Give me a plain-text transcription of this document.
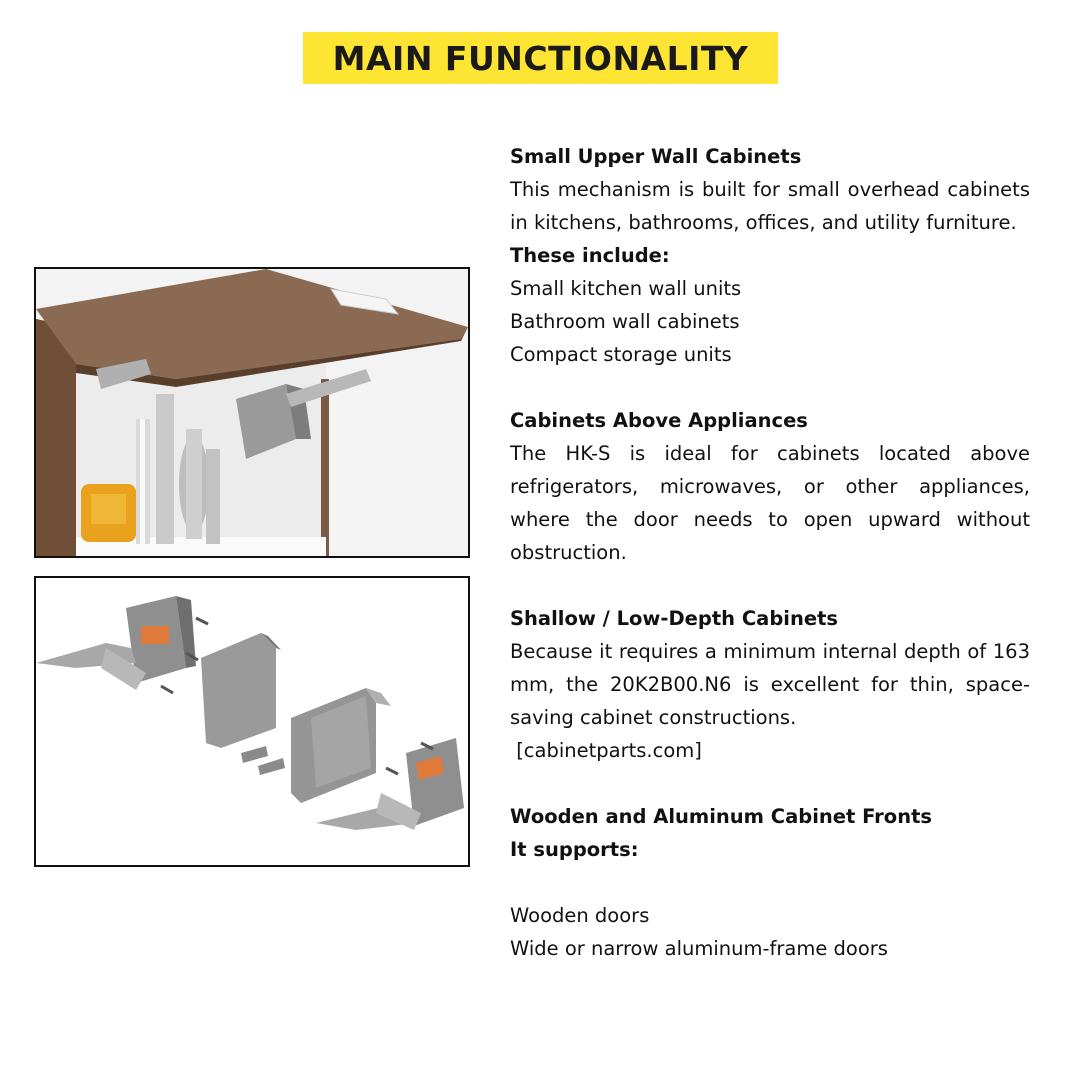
MAIN FUNCTIONALITY

Small Upper Wall Cabinets

This mechanism is built for small overhead cabinets in kitchens, bathrooms, offices, and utility furniture.

These include:

Small kitchen wall units

Bathroom wall cabinets

Compact storage units

Cabinets Above Appliances

The HK-S is ideal for cabinets located above refrigerators, microwaves, or other appliances, where the door needs to open upward without obstruction.

Shallow / Low-Depth Cabinets

Because it requires a minimum internal depth of 163 mm, the 20K2B00.N6 is excellent for thin, space-saving cabinet constructions.

[cabinetparts.com]

Wooden and Aluminum Cabinet Fronts

It supports:

Wooden doors

Wide or narrow aluminum-frame doors
